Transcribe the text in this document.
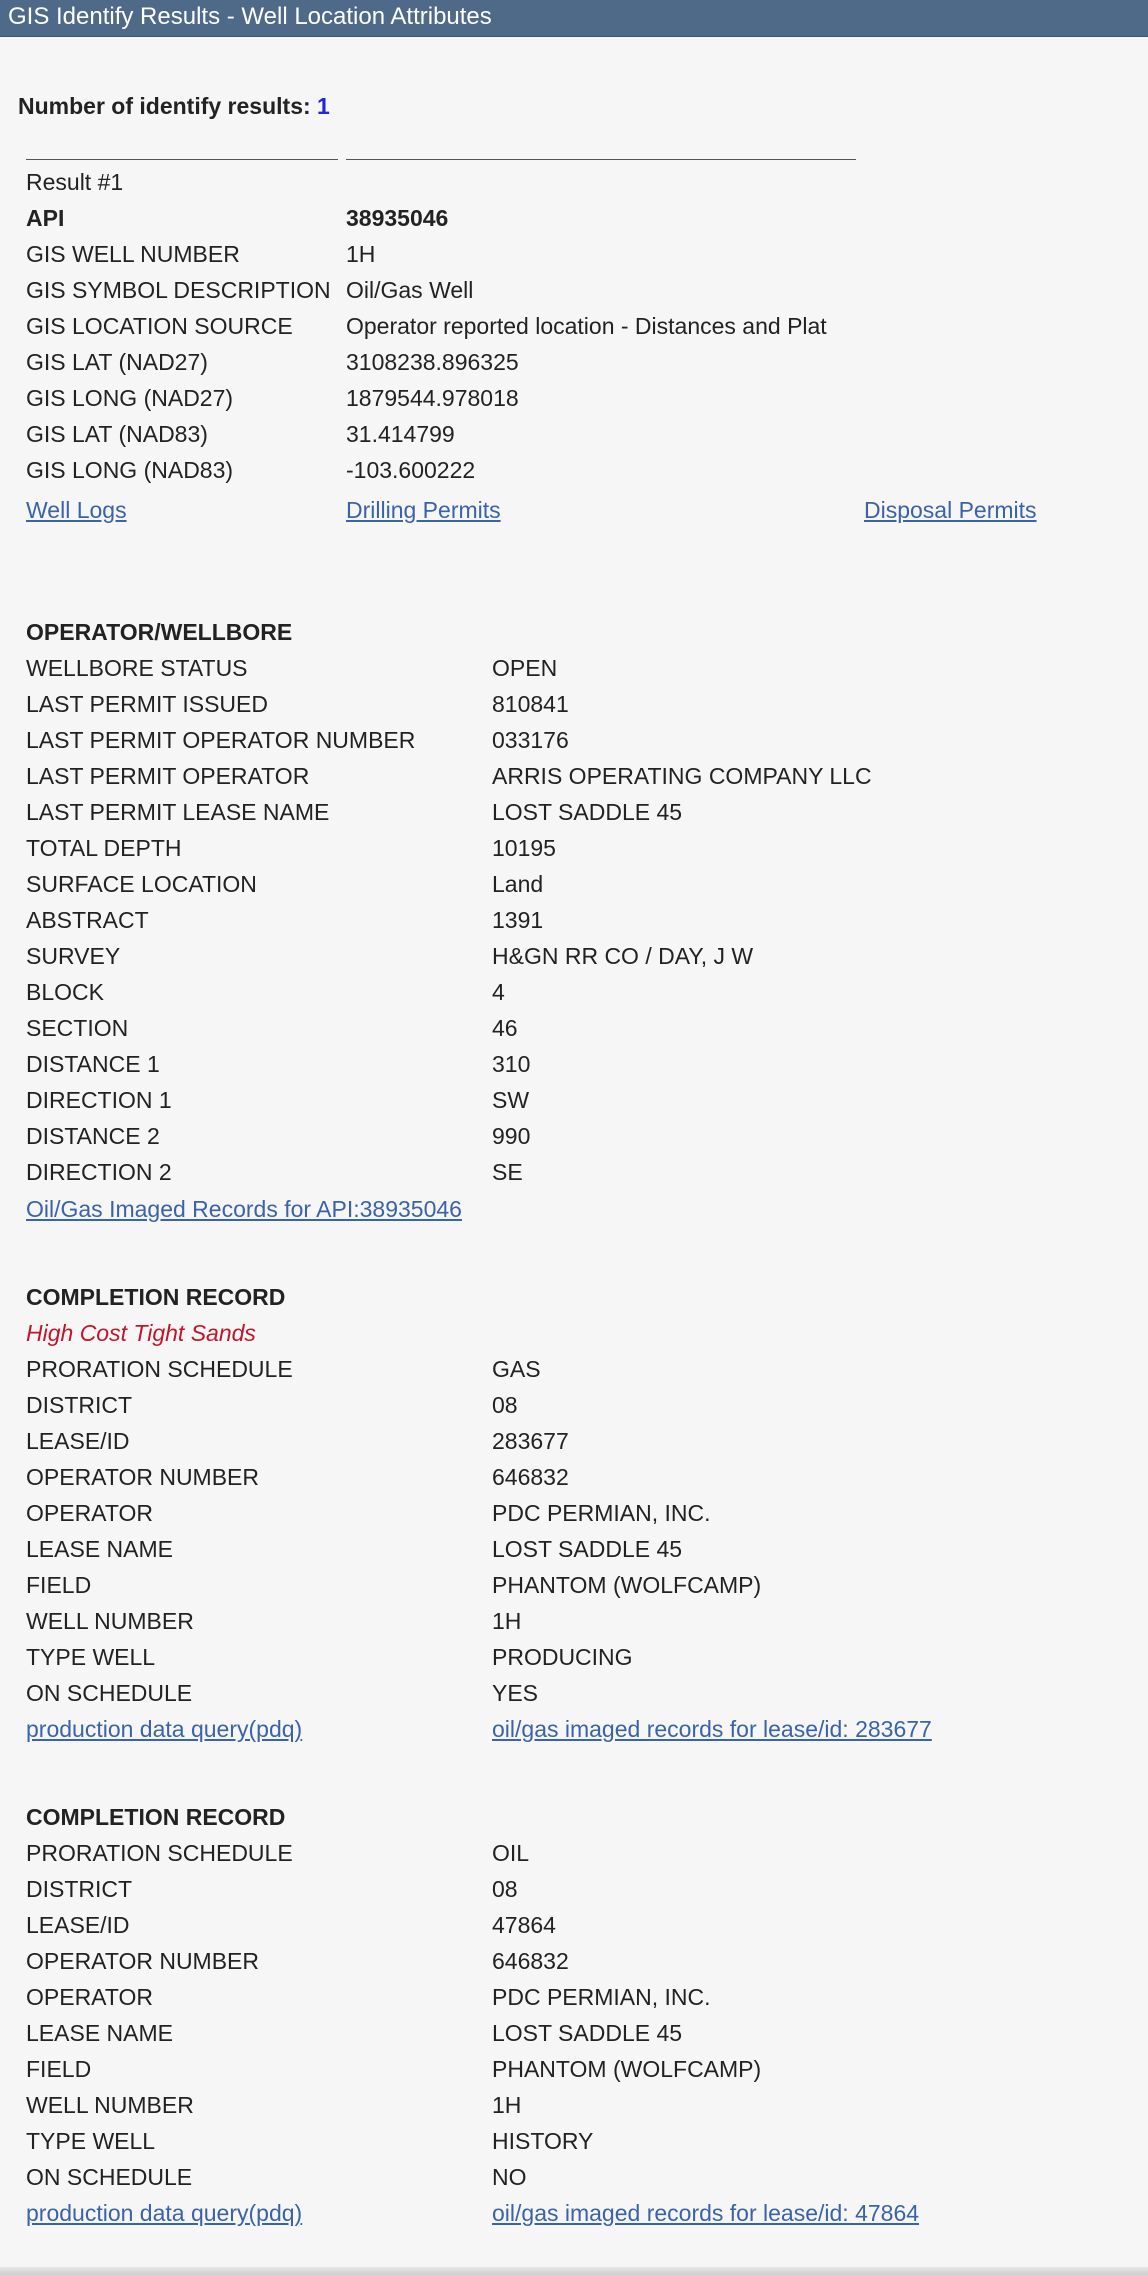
GIS Identify Results - Well Location Attributes
Number of identify results: 1
Result #1
API	38935046
GIS WELL NUMBER	1H
GIS SYMBOL DESCRIPTION Oil/Gas Well
GIS LOCATION SOURCE Operator reported location - Distances and Plat
GIS LAT (NAD27)	3108238.896325
GIS LONG (NAD27)	1879544.978018
GIS LAT (NAD83)	31.414799
GIS LONG (NAD83)	-103.600222
Well Logs	Drilling Permits	Disposal Permits
OPERATOR/WELLBORE
WELLBORE STATUS	OPEN
LAST PERMIT ISSUED	810841
LAST PERMIT OPERATOR NUMBER	033176
LAST PERMIT OPERATOR	ARRIS OPERATING COMPANY LLC
LAST PERMIT LEASE NAME	LOST SADDLE 45
TOTAL DEPTH	10195
SURFACE LOCATION	Land
ABSTRACT	1391
SURVEY	H&GN RR CO / DAY, J W
BLOCK	4
SECTION	46
DISTANCE 1	310
DIRECTION 1	SW
DISTANCE 2	990
DIRECTION 2	SE
Oil/Gas Imaged Records for API:38935046
COMPLETION RECORD
High Cost Tight Sands
PRORATION SCHEDULE	GAS
DISTRICT	08
LEASE/ID	283677
OPERATOR NUMBER	646832
OPERATOR	PDC PERMIAN, INC.
LEASE NAME	LOST SADDLE 45
FIELD	PHANTOM (WOLFCAMP)
WELL NUMBER	1H
TYPE WELL	PRODUCING
ON SCHEDULE	YES
production data query(pdq)	oil/gas imaged records for lease/id: 283677
COMPLETION RECORD
PRORATION SCHEDULE	OIL
DISTRICT	08
LEASE/ID	47864
OPERATOR NUMBER	646832
OPERATOR	PDC PERMIAN, INC.
LEASE NAME	LOST SADDLE 45
FIELD	PHANTOM (WOLFCAMP)
WELL NUMBER	1H
TYPE WELL	HISTORY
ON SCHEDULE	NO
production data query(pdq)	oil/gas imaged records for lease/id: 47864
